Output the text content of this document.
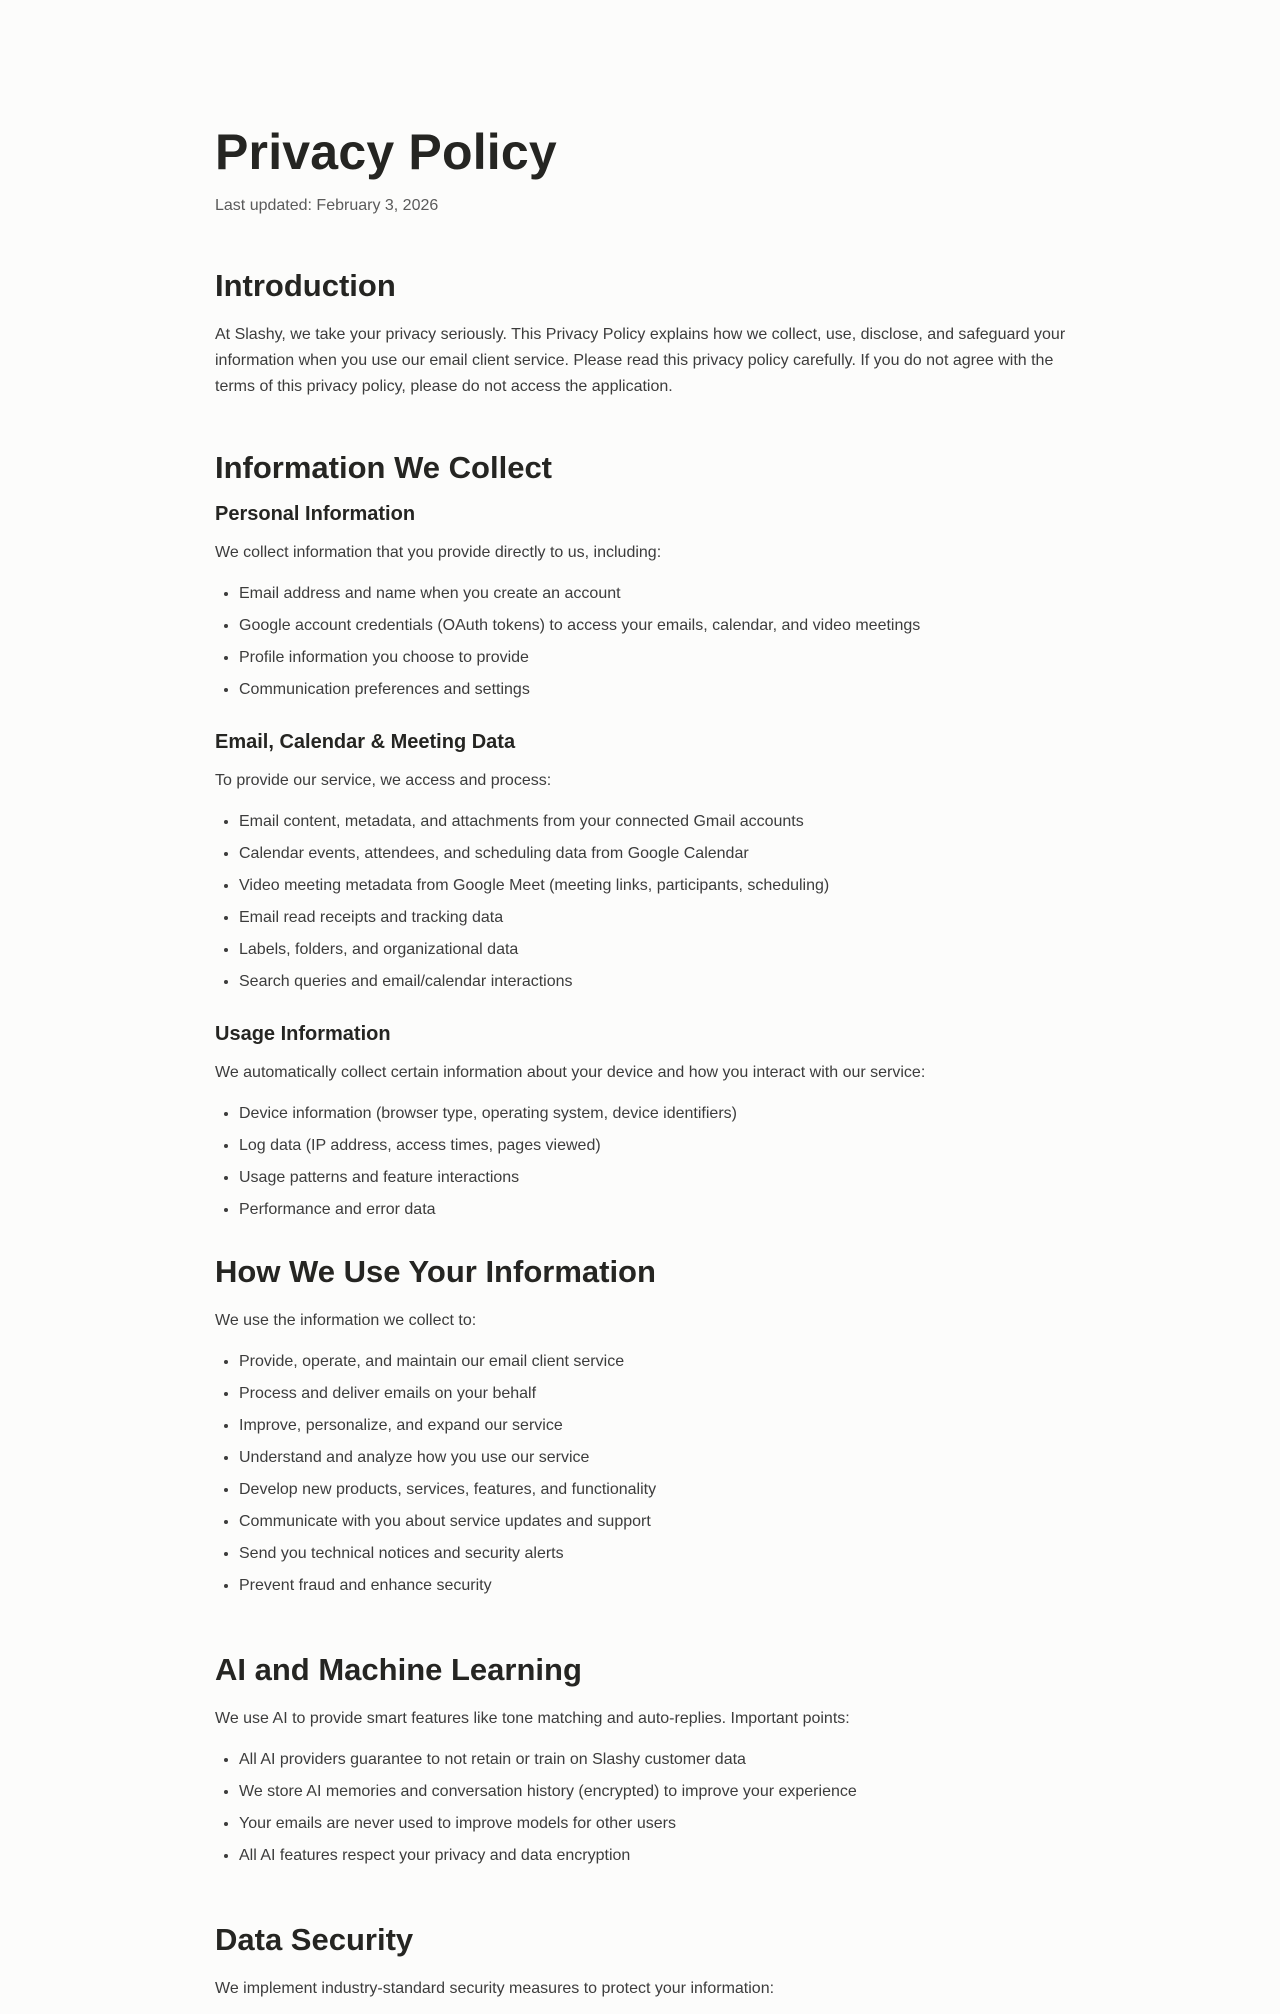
Privacy Policy

Last updated: February 3, 2026

Introduction

At Slashy, we take your privacy seriously. This Privacy Policy explains how we collect, use, disclose, and safeguard your information when you use our email client service. Please read this privacy policy carefully. If you do not agree with the terms of this privacy policy, please do not access the application.

Information We Collect
Personal Information

We collect information that you provide directly to us, including:

• Email address and name when you create an account
• Google account credentials (OAuth tokens) to access your emails, calendar, and video meetings
• Profile information you choose to provide
• Communication preferences and settings
Email, Calendar & Meeting Data

To provide our service, we access and process:

• Email content, metadata, and attachments from your connected Gmail accounts
• Calendar events, attendees, and scheduling data from Google Calendar
• Video meeting metadata from Google Meet (meeting links, participants, scheduling)
• Email read receipts and tracking data
• Labels, folders, and organizational data
• Search queries and email/calendar interactions
Usage Information

We automatically collect certain information about your device and how you interact with our service:

• Device information (browser type, operating system, device identifiers)
• Log data (IP address, access times, pages viewed)
• Usage patterns and feature interactions
• Performance and error data
How We Use Your Information

We use the information we collect to:

• Provide, operate, and maintain our email client service
• Process and deliver emails on your behalf
• Improve, personalize, and expand our service
• Understand and analyze how you use our service
• Develop new products, services, features, and functionality
• Communicate with you about service updates and support
• Send you technical notices and security alerts
• Prevent fraud and enhance security
AI and Machine Learning

We use AI to provide smart features like tone matching and auto-replies. Important points:

• All AI providers guarantee to not retain or train on Slashy customer data
• We store AI memories and conversation history (encrypted) to improve your experience
• Your emails are never used to improve models for other users
• All AI features respect your privacy and data encryption
Data Security

We implement industry-standard security measures to protect your information:
